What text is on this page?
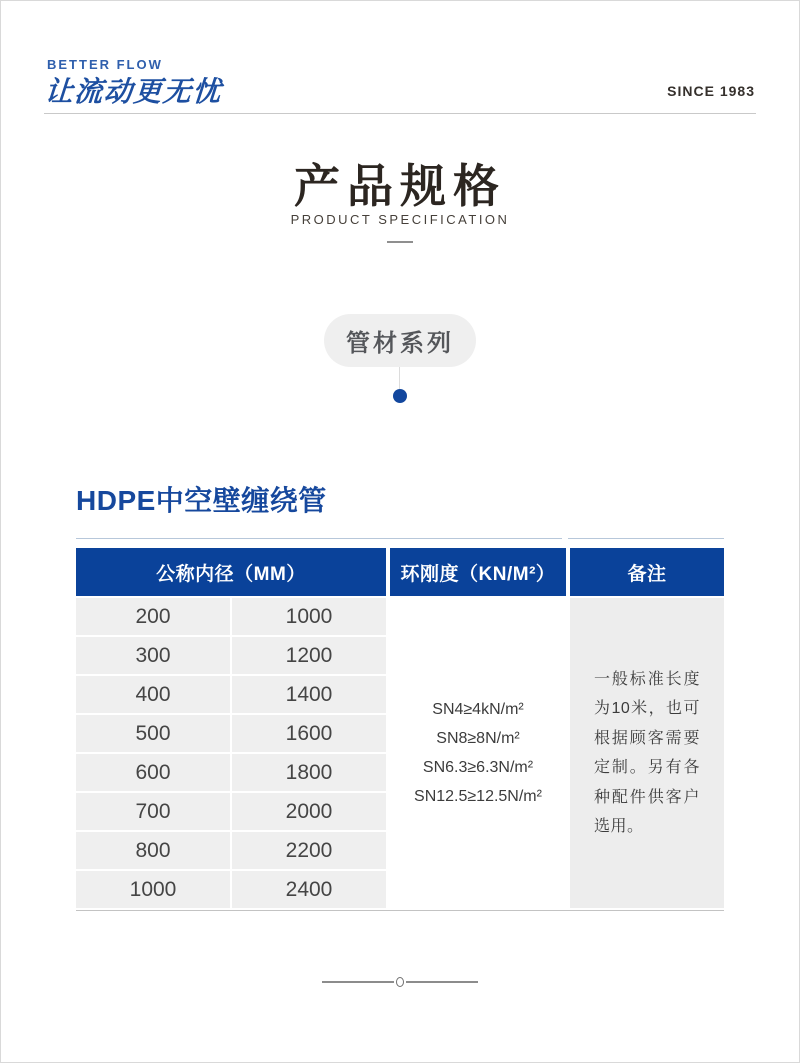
BETTER FLOW
让流动更无忧	SINCE 1983
产品规格
PRODUCT SPECIFICATION
管材系列
HDPE中空壁缠绕管
公称内径（MM）	环刚度（KN/M²）	备注
200	1000
300	1200
400	1400
500	1600
600	1800
700	2000
800	2200
1000	2400
SN4≥4kN/m²
SN8≥8N/m²
SN6.3≥6.3N/m²
SN12.5≥12.5N/m²
一般标准长度为10米，也可根据顾客需要定制。另有各种配件供客户选用。
